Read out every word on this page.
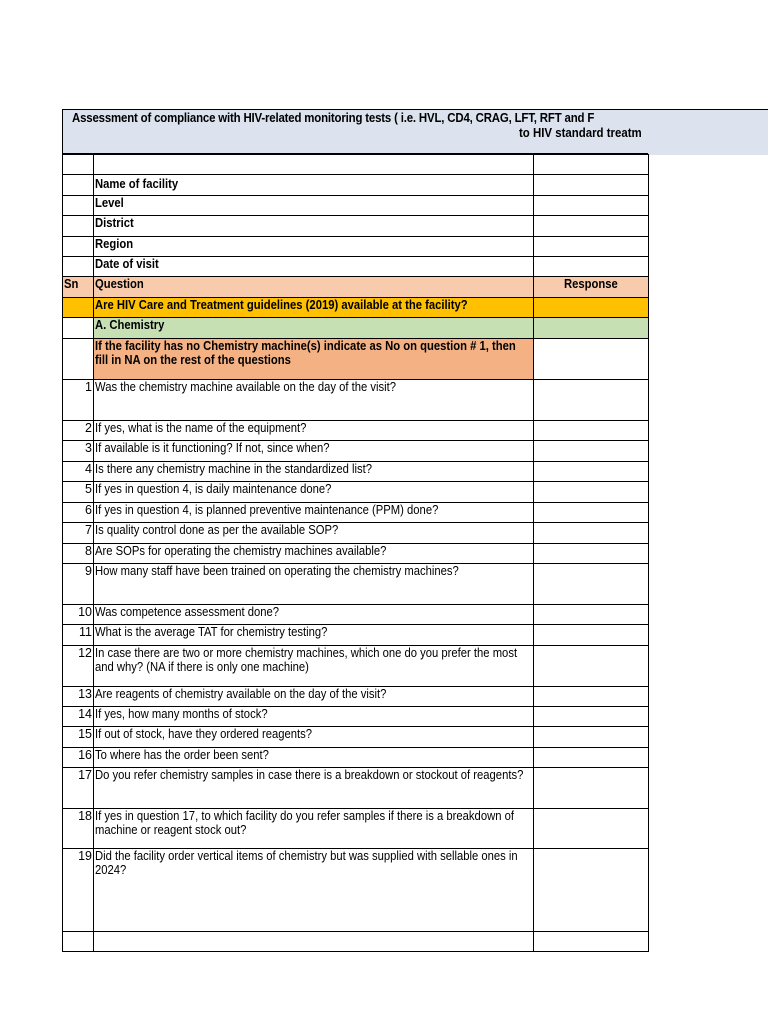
Assessment of compliance with HIV-related monitoring tests ( i.e. HVL, CD4, CRAG, LFT, RFT and F
to HIV standard treatm

	Name of facility	
	Level	
	District	
	Region	
	Date of visit	
Sn	Question	Response
	Are HIV Care and Treatment guidelines (2019) available at the facility?	
	A. Chemistry	
	If the facility has no Chemistry machine(s) indicate as No on question # 1, then fill in NA on the rest of the questions	
1	Was the chemistry machine available on the day of the visit?	
2	If yes, what is the name of the equipment?	
3	If available is it functioning? If not, since when?	
4	Is there any chemistry machine in the standardized list?	
5	If yes in question 4, is daily maintenance done?	
6	If yes in question 4, is planned preventive maintenance (PPM) done?	
7	Is quality control done as per the available SOP?	
8	Are SOPs for operating the chemistry machines available?	
9	How many staff have been trained on operating the chemistry machines?	
10	Was competence assessment done?	
11	What is the average TAT for chemistry testing?	
12	In case there are two or more chemistry machines, which one do you prefer the most and why? (NA if there is only one machine)	
13	Are reagents of chemistry available on the day of the visit?	
14	If yes, how many months of stock?	
15	If out of stock, have they ordered reagents?	
16	To where has the order been sent?	
17	Do you refer chemistry samples in case there is a breakdown or stockout of reagents?	
18	If yes in question 17, to which facility do you refer samples if there is a breakdown of machine or reagent stock out?	
19	Did the facility order vertical items of chemistry but was supplied with sellable ones in 2024?	
